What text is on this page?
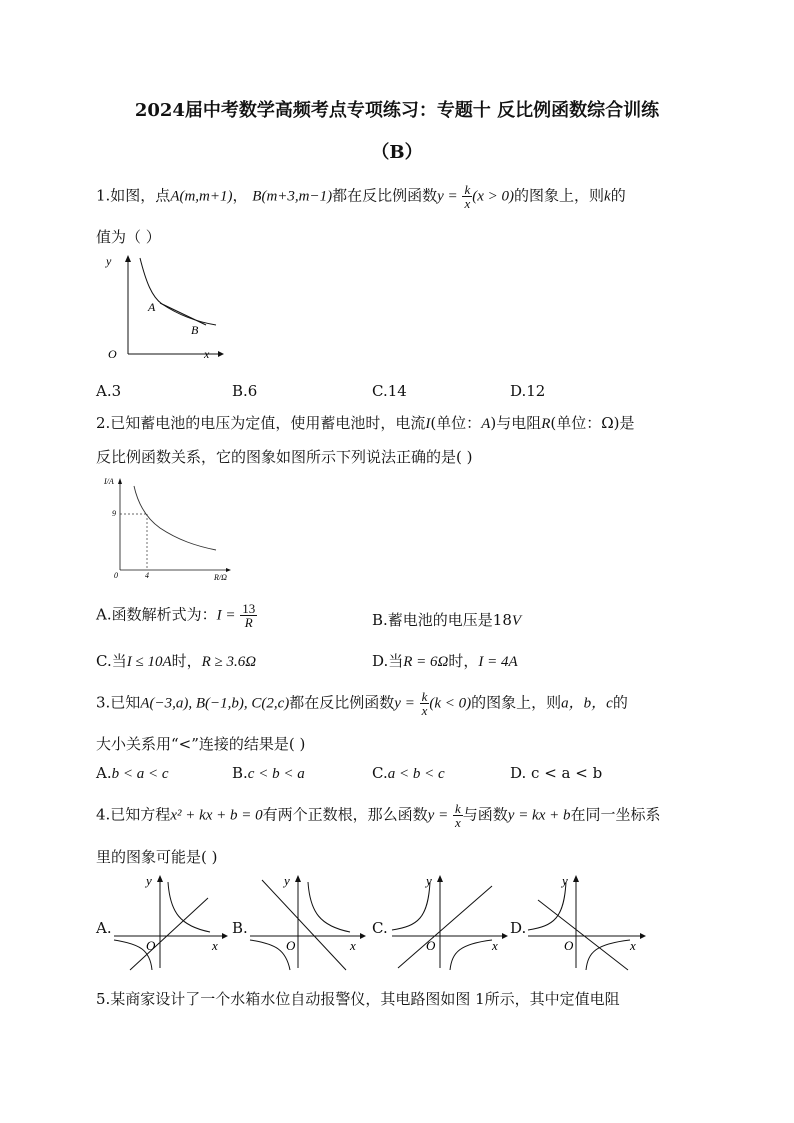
2024届中考数学高频考点专项练习：专题十 反比例函数综合训练
（B）
1.如图，点A(m,m+1)， B(m+3,m−1)都在反比例函数$y = \frac{k}{x} (x > 0)$的图象上，则k的
值为（ ）
y
O	x
A
B
A.3	B.6	C.14	D.12
2.已知蓄电池的电压为定值，使用蓄电池时，电流I(单位：A)与电阻R(单位：Ω)是
反比例函数关系，它的图象如图所示下列说法正确的是( )
I/A
9
0	4	R/Ω
A.函数解析式为：$I = \frac{13}{R}$	B.蓄电池的电压是18V
C.当I ≤ 10A时，R ≥ 3.6Ω	D.当R = 6Ω时，I = 4A
3.已知A(−3,a), B(−1,b), C(2,c)都在反比例函数$y = \frac{k}{x} (k < 0)$的图象上，则a，b，c的
大小关系用“<”连接的结果是( )
A.b < a < c	B.c < b < a	C.a < b < c	D. c < a < b
4.已知方程x² + kx + b = 0有两个正数根，那么函数$y = \frac{k}{x}$ 与函数y = kx + b在同一坐标系
里的图象可能是( )
A.
y
O	x
B.
y
O	x
C.
y
O	x
D.
y
O	x
5.某商家设计了一个水箱水位自动报警仪，其电路图如图 1所示，其中定值电阻
